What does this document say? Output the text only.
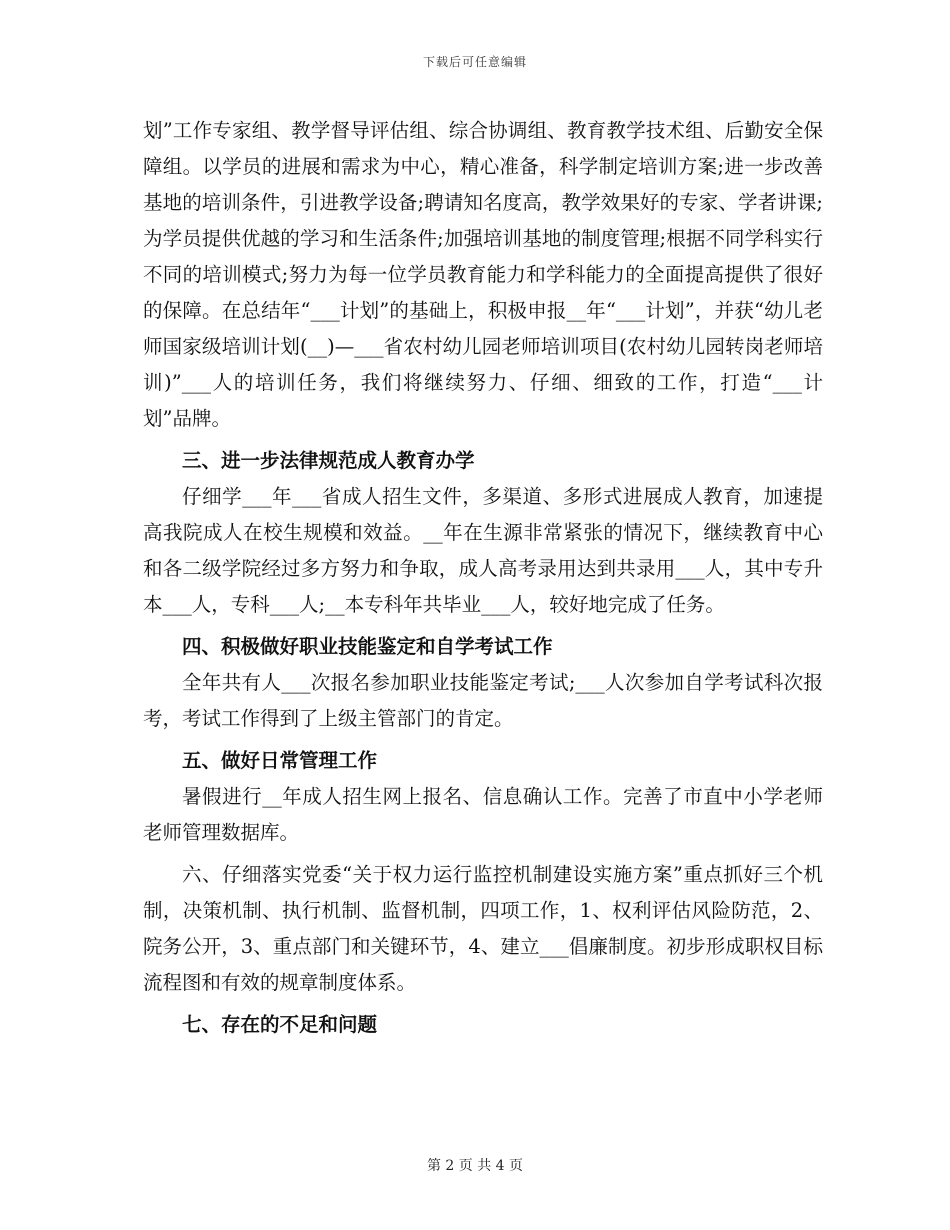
下载后可任意编辑

划”工作专家组、教学督导评估组、综合协调组、教育教学技术组、后勤安全保障组。以学员的进展和需求为中心，精心准备，科学制定培训方案;进一步改善基地的培训条件，引进教学设备;聘请知名度高，教学效果好的专家、学者讲课;为学员提供优越的学习和生活条件;加强培训基地的制度管理;根据不同学科实行不同的培训模式;努力为每一位学员教育能力和学科能力的全面提高提供了很好的保障。在总结年“___计划”的基础上，积极申报__年“___计划”，并获“幼儿老师国家级培训计划(__)—___省农村幼儿园老师培训项目(农村幼儿园转岗老师培训)”___人的培训任务，我们将继续努力、仔细、细致的工作，打造“___计划”品牌。

三、进一步法律规范成人教育办学

仔细学___年___省成人招生文件，多渠道、多形式进展成人教育，加速提高我院成人在校生规模和效益。__年在生源非常紧张的情况下，继续教育中心和各二级学院经过多方努力和争取，成人高考录用达到共录用___人，其中专升本___人，专科___人;__本专科年共毕业___人，较好地完成了任务。

四、积极做好职业技能鉴定和自学考试工作

全年共有人___次报名参加职业技能鉴定考试;___人次参加自学考试科次报考，考试工作得到了上级主管部门的肯定。

五、做好日常管理工作

暑假进行__年成人招生网上报名、信息确认工作。完善了市直中小学老师老师管理数据库。

六、仔细落实党委“关于权力运行监控机制建设实施方案”重点抓好三个机制，决策机制、执行机制、监督机制，四项工作，1、权利评估风险防范，2、院务公开，3、重点部门和关键环节，4、建立___倡廉制度。初步形成职权目标流程图和有效的规章制度体系。

七、存在的不足和问题

第 2 页 共 4 页
